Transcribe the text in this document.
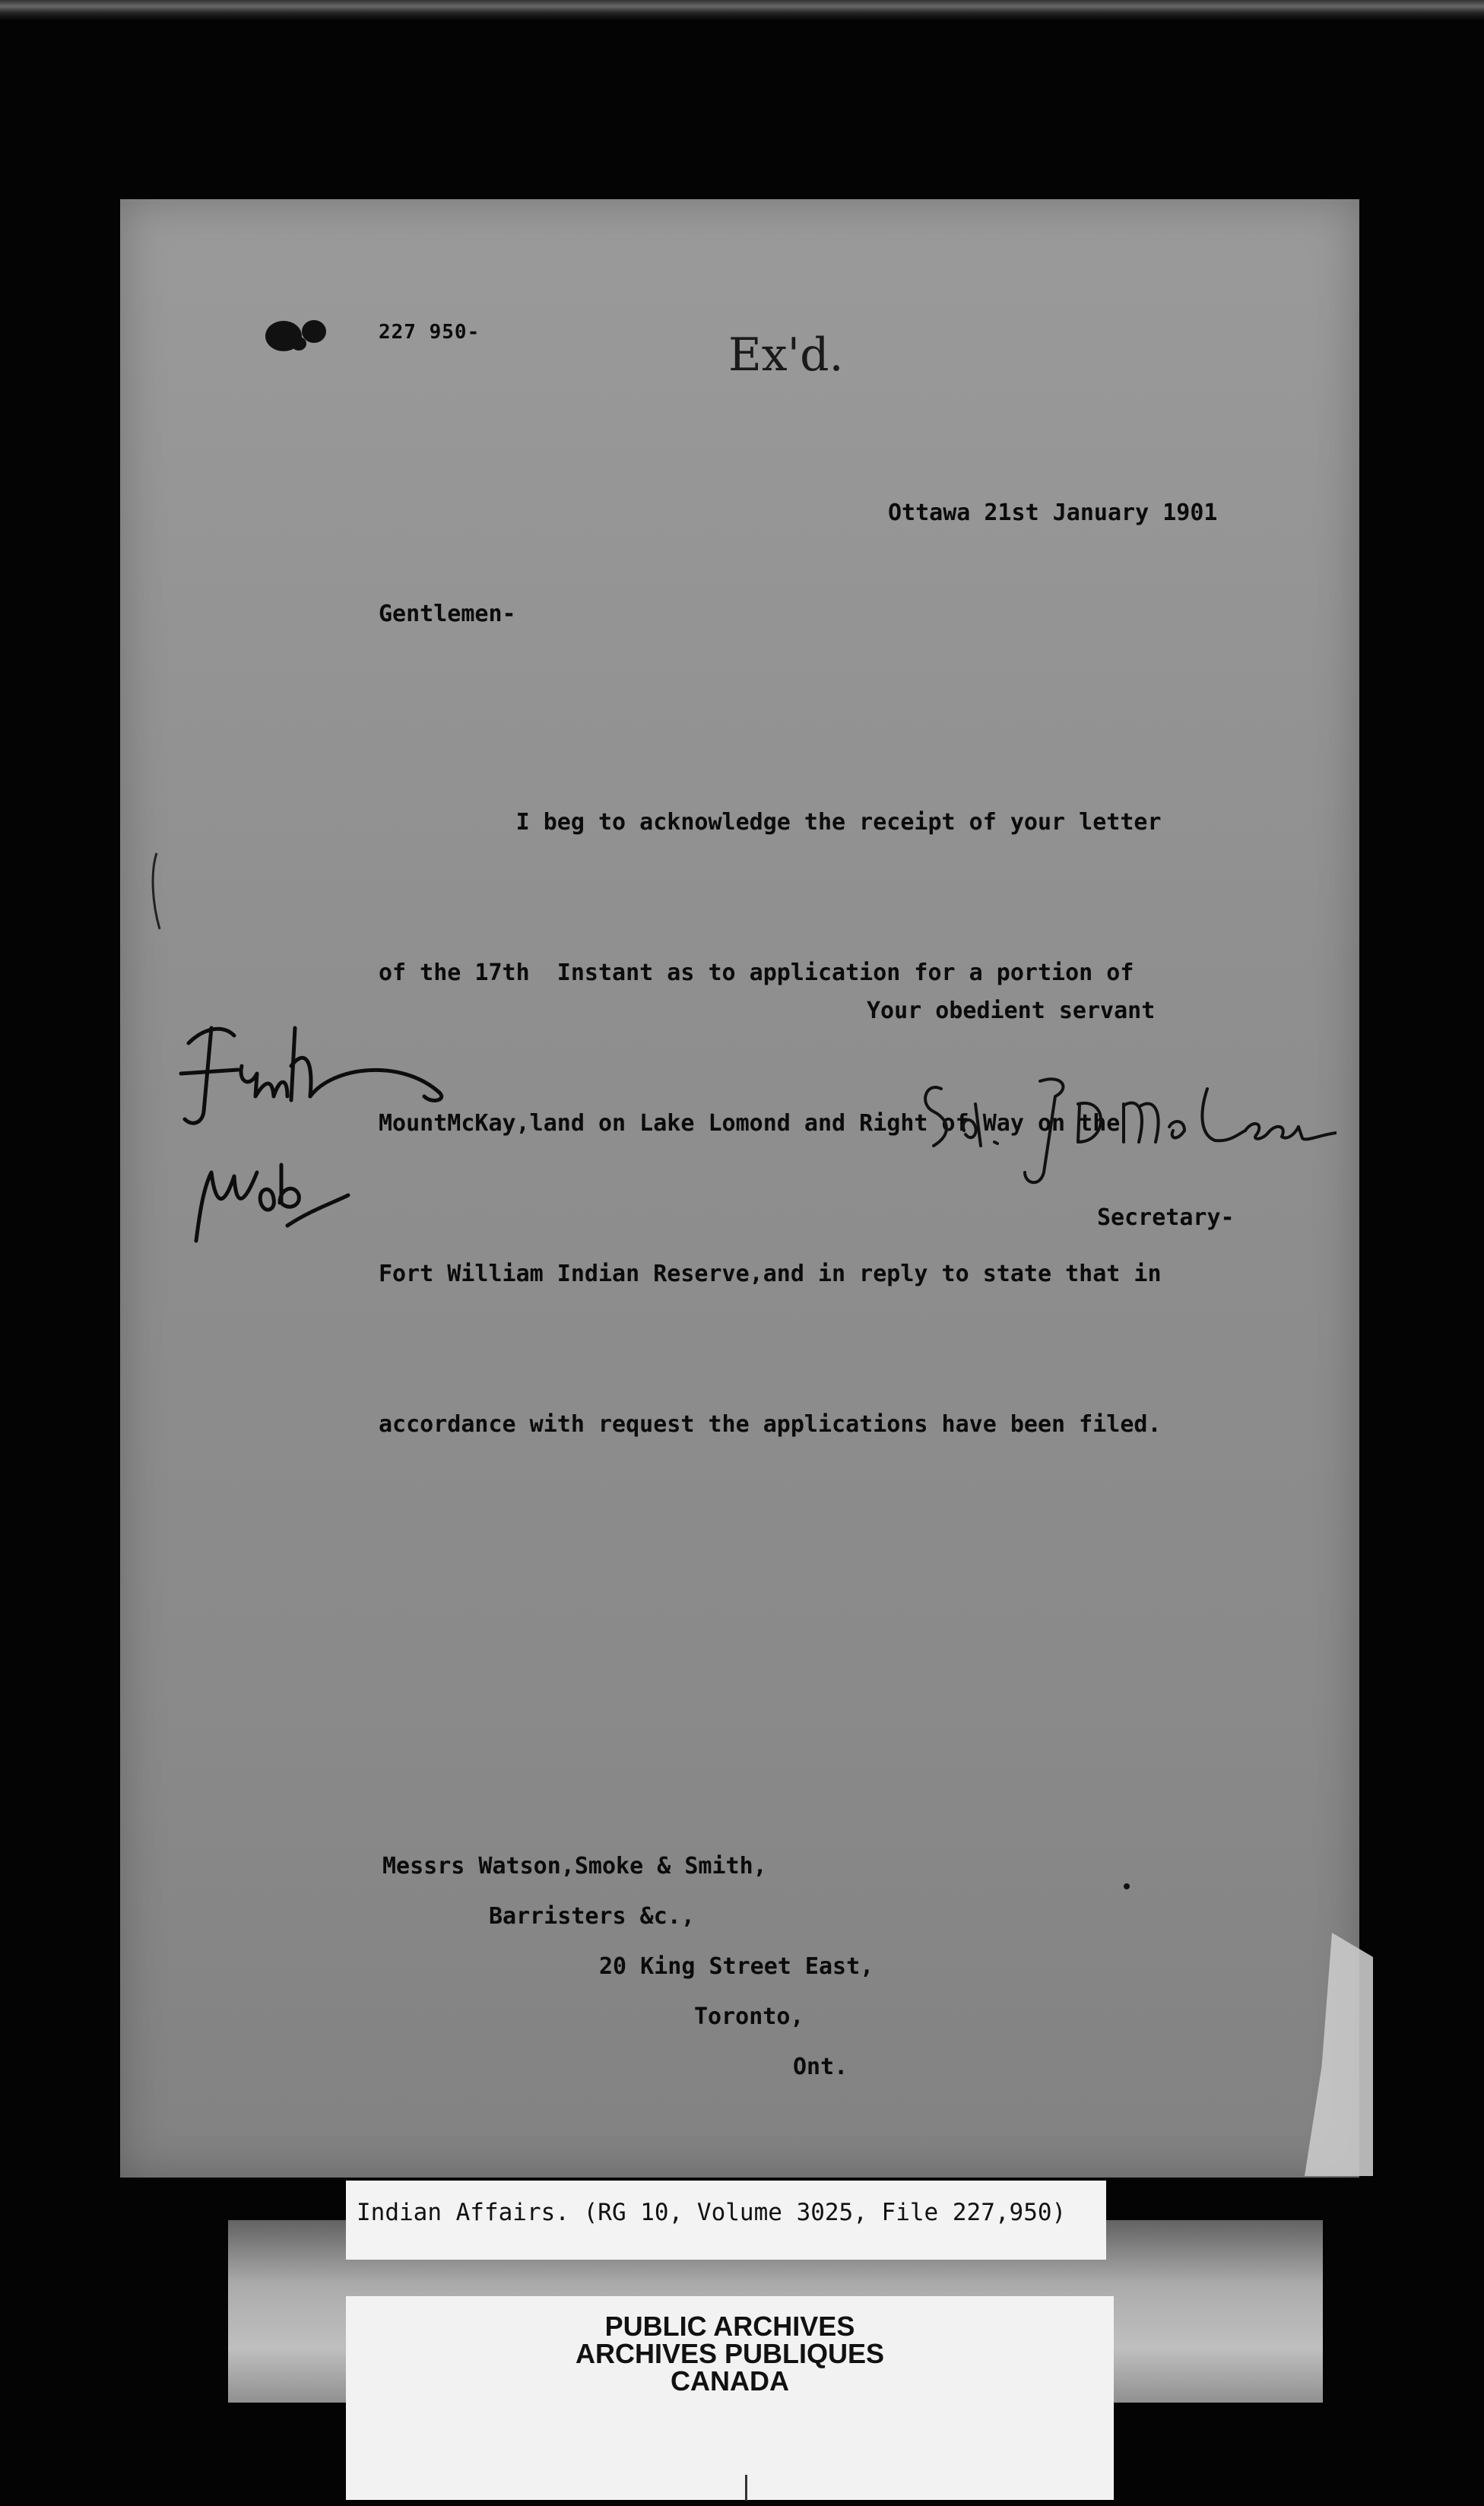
227 950-	Ex'd.
Ottawa 21st January 1901
Gentlemen-

I beg to acknowledge the receipt of your letter

of the 17th  Instant as to application for a portion of

MountMcKay,land on Lake Lomond and Right of Way on the

Fort William Indian Reserve,and in reply to state that in

accordance with request the applications have been filed.

Your obedient servant
Secretary-
Messrs Watson,Smoke & Smith,
Barristers &c.,
20 King Street East,
Toronto,
Ont.
Indian Affairs. (RG 10, Volume 3025, File 227,950)
PUBLIC ARCHIVES
ARCHIVES PUBLIQUES
CANADA
